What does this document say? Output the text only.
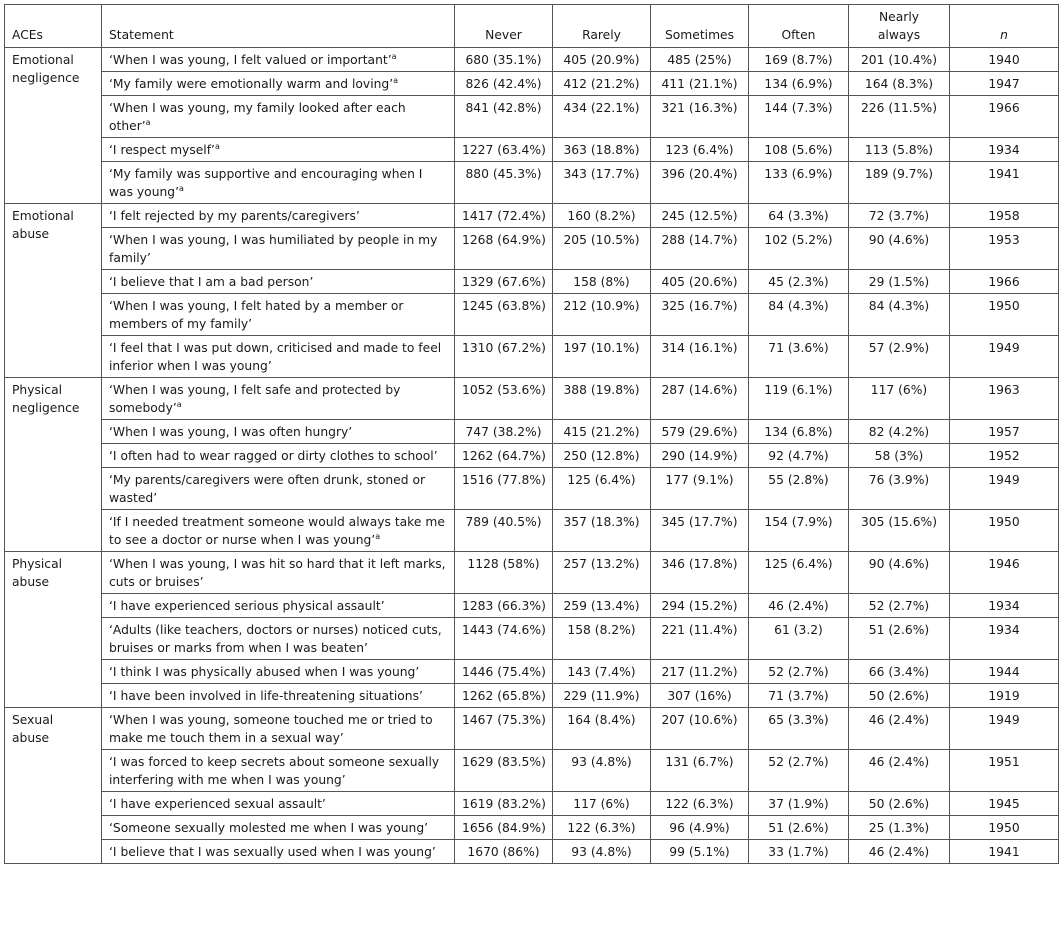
ACEs	Statement	Never	Rarely	Sometimes	Often	Nearly always	n
Emotional negligence	‘When I was young, I felt valued or important’$^a$	680 (35.1%)	405 (20.9%)	485 (25%)	169 (8.7%)	201 (10.4%)	1940
	‘My family were emotionally warm and loving’$^a$	826 (42.4%)	412 (21.2%)	411 (21.1%)	134 (6.9%)	164 (8.3%)	1947
	‘When I was young, my family looked after each other’$^a$	841 (42.8%)	434 (22.1%)	321 (16.3%)	144 (7.3%)	226 (11.5%)	1966
	‘I respect myself’$^a$	1227 (63.4%)	363 (18.8%)	123 (6.4%)	108 (5.6%)	113 (5.8%)	1934
	‘My family was supportive and encouraging when I was young’$^a$	880 (45.3%)	343 (17.7%)	396 (20.4%)	133 (6.9%)	189 (9.7%)	1941
Emotional abuse	‘I felt rejected by my parents/caregivers’	1417 (72.4%)	160 (8.2%)	245 (12.5%)	64 (3.3%)	72 (3.7%)	1958
	‘When I was young, I was humiliated by people in my family’	1268 (64.9%)	205 (10.5%)	288 (14.7%)	102 (5.2%)	90 (4.6%)	1953
	‘I believe that I am a bad person’	1329 (67.6%)	158 (8%)	405 (20.6%)	45 (2.3%)	29 (1.5%)	1966
	‘When I was young, I felt hated by a member or members of my family’	1245 (63.8%)	212 (10.9%)	325 (16.7%)	84 (4.3%)	84 (4.3%)	1950
	‘I feel that I was put down, criticised and made to feel inferior when I was young’	1310 (67.2%)	197 (10.1%)	314 (16.1%)	71 (3.6%)	57 (2.9%)	1949
Physical negligence	‘When I was young, I felt safe and protected by somebody’$^a$	1052 (53.6%)	388 (19.8%)	287 (14.6%)	119 (6.1%)	117 (6%)	1963
	‘When I was young, I was often hungry’	747 (38.2%)	415 (21.2%)	579 (29.6%)	134 (6.8%)	82 (4.2%)	1957
	‘I often had to wear ragged or dirty clothes to school’	1262 (64.7%)	250 (12.8%)	290 (14.9%)	92 (4.7%)	58 (3%)	1952
	‘My parents/caregivers were often drunk, stoned or wasted’	1516 (77.8%)	125 (6.4%)	177 (9.1%)	55 (2.8%)	76 (3.9%)	1949
	‘If I needed treatment someone would always take me to see a doctor or nurse when I was young’$^a$	789 (40.5%)	357 (18.3%)	345 (17.7%)	154 (7.9%)	305 (15.6%)	1950
Physical abuse	‘When I was young, I was hit so hard that it left marks, cuts or bruises’	1128 (58%)	257 (13.2%)	346 (17.8%)	125 (6.4%)	90 (4.6%)	1946
	‘I have experienced serious physical assault’	1283 (66.3%)	259 (13.4%)	294 (15.2%)	46 (2.4%)	52 (2.7%)	1934
	‘Adults (like teachers, doctors or nurses) noticed cuts, bruises or marks from when I was beaten’	1443 (74.6%)	158 (8.2%)	221 (11.4%)	61 (3.2)	51 (2.6%)	1934
	‘I think I was physically abused when I was young’	1446 (75.4%)	143 (7.4%)	217 (11.2%)	52 (2.7%)	66 (3.4%)	1944
	‘I have been involved in life-threatening situations’	1262 (65.8%)	229 (11.9%)	307 (16%)	71 (3.7%)	50 (2.6%)	1919
Sexual abuse	‘When I was young, someone touched me or tried to make me touch them in a sexual way’	1467 (75.3%)	164 (8.4%)	207 (10.6%)	65 (3.3%)	46 (2.4%)	1949
	‘I was forced to keep secrets about someone sexually interfering with me when I was young’	1629 (83.5%)	93 (4.8%)	131 (6.7%)	52 (2.7%)	46 (2.4%)	1951
	‘I have experienced sexual assault’	1619 (83.2%)	117 (6%)	122 (6.3%)	37 (1.9%)	50 (2.6%)	1945
	‘Someone sexually molested me when I was young’	1656 (84.9%)	122 (6.3%)	96 (4.9%)	51 (2.6%)	25 (1.3%)	1950
	‘I believe that I was sexually used when I was young’	1670 (86%)	93 (4.8%)	99 (5.1%)	33 (1.7%)	46 (2.4%)	1941
